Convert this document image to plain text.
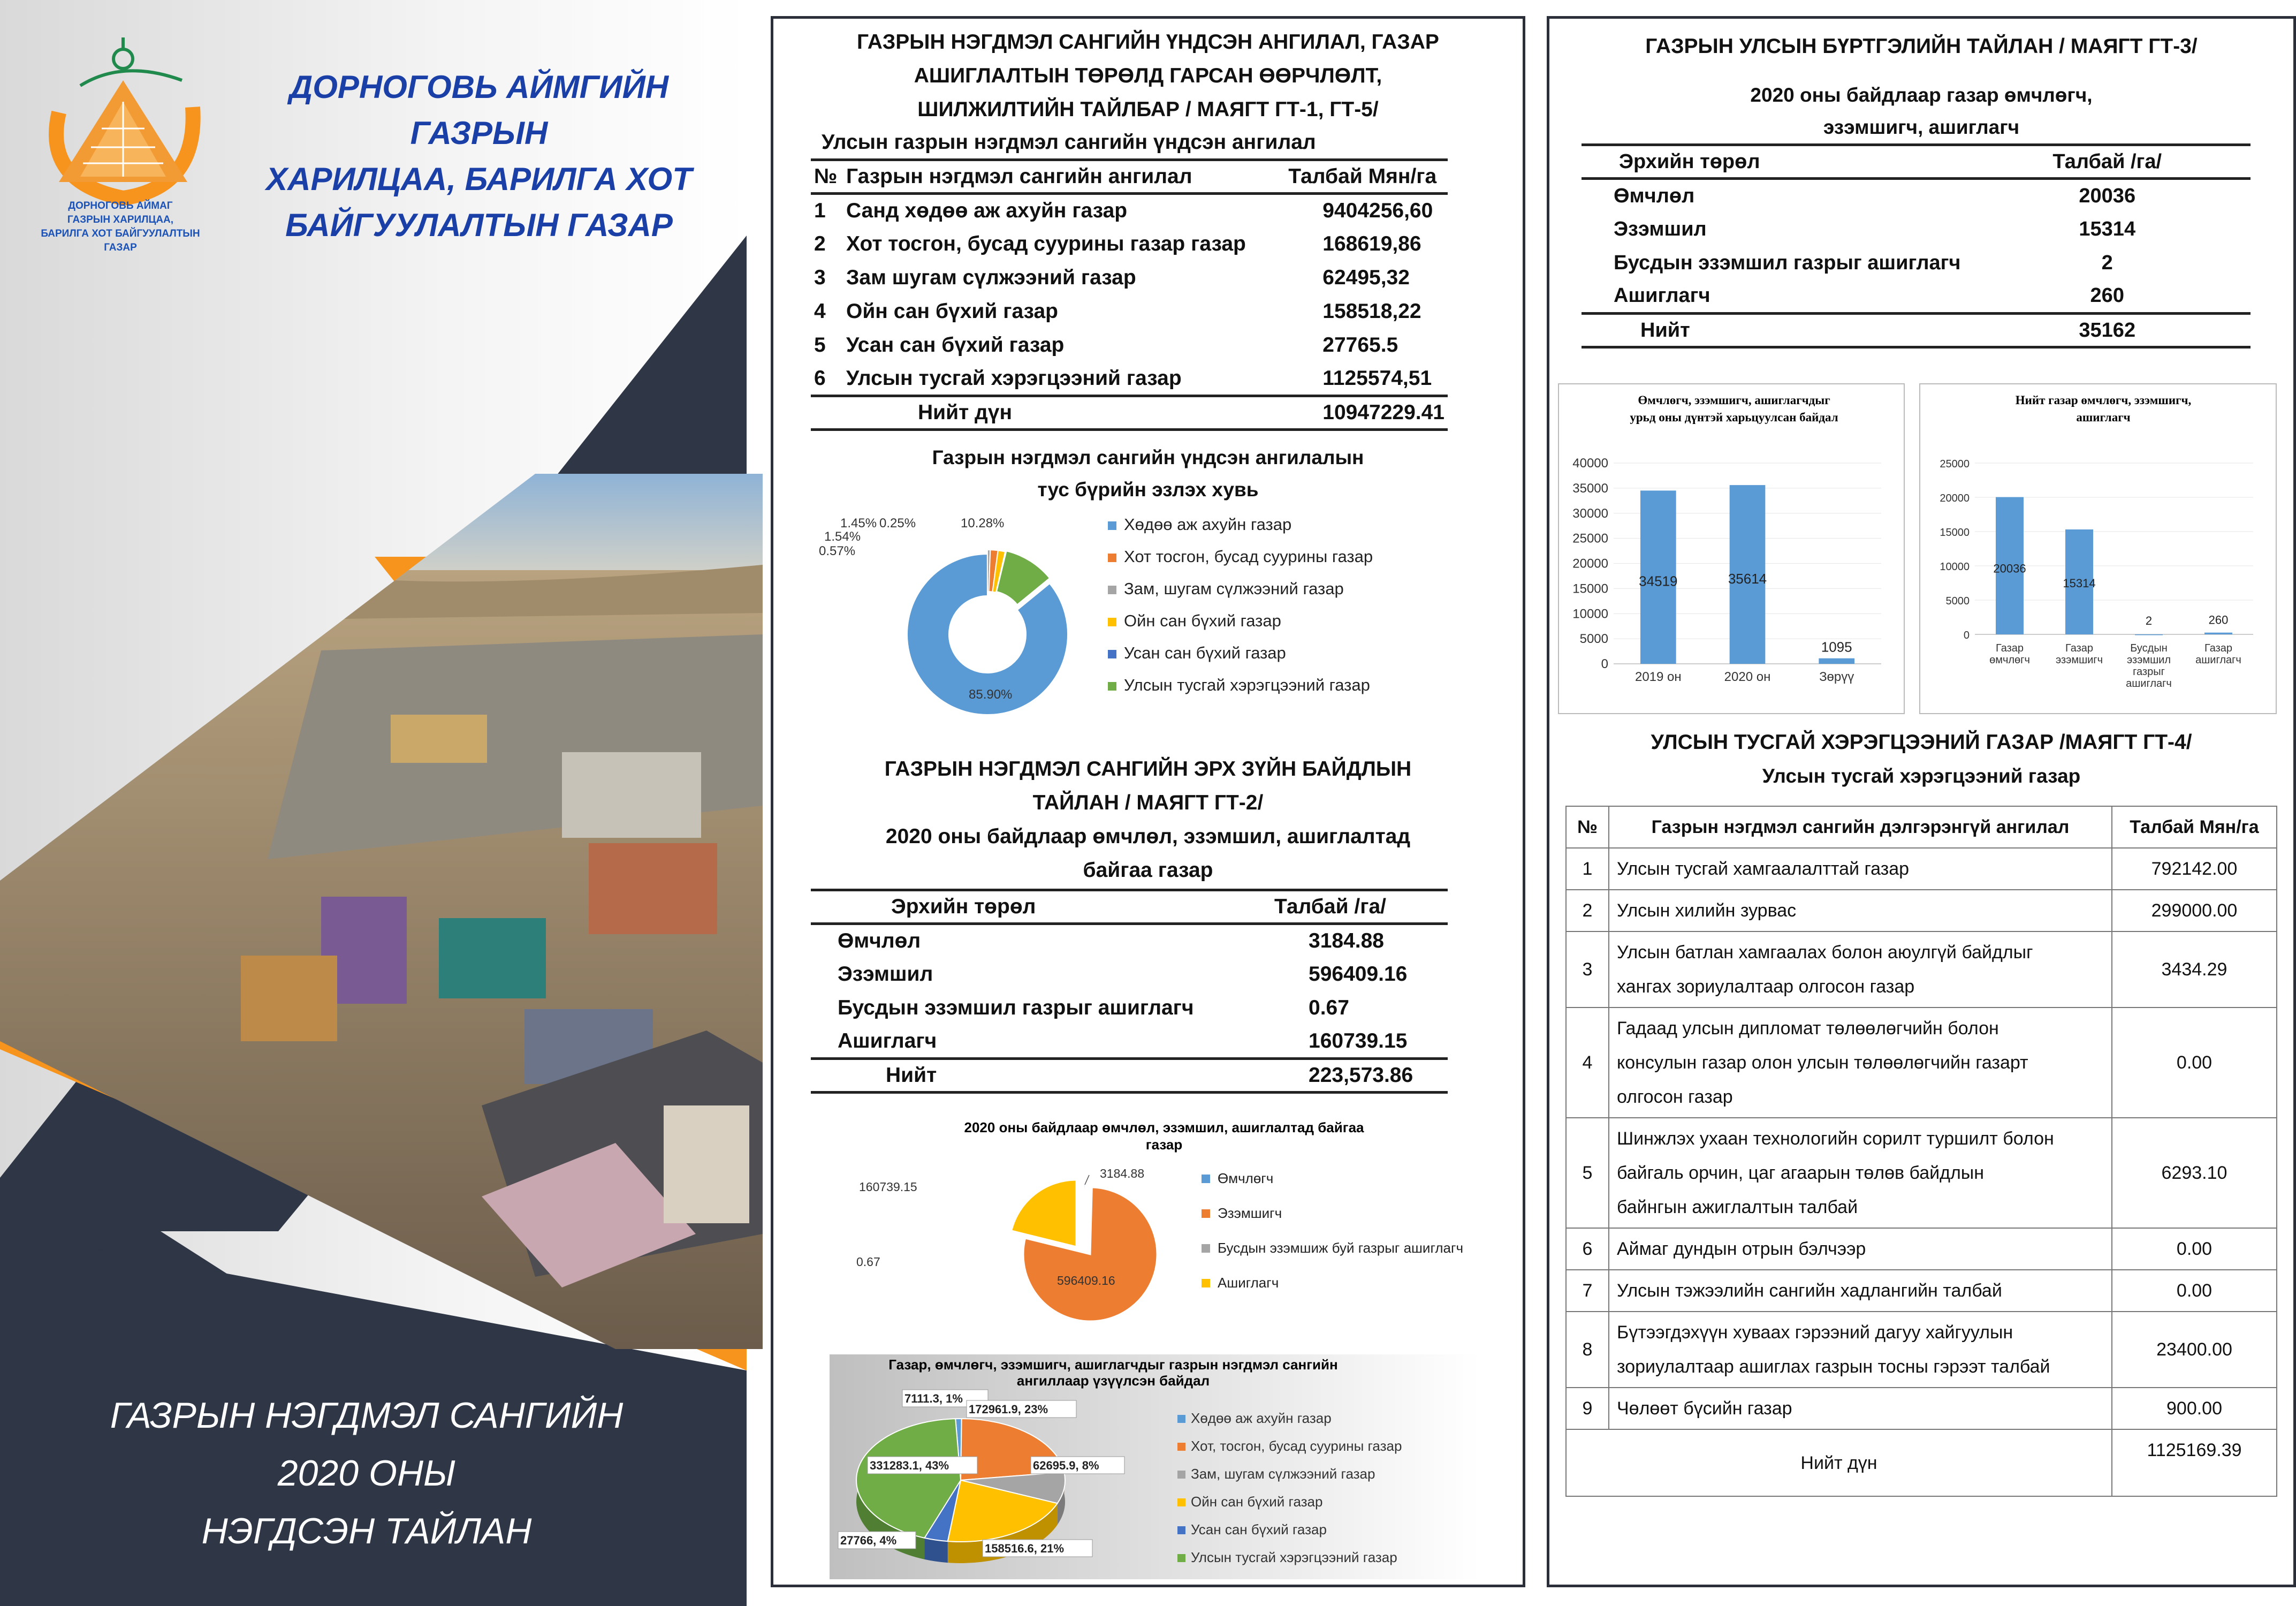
ДОРНОГОВЬ АЙМАГ
ГАЗРЫН ХАРИЛЦАА,
БАРИЛГА ХОТ БАЙГУУЛАЛТЫН
ГАЗАР
ДОРНОГОВЬ АЙМГИЙН ГАЗРЫН
ХАРИЛЦАА, БАРИЛГА ХОТ
БАЙГУУЛАЛТЫН ГАЗАР
ГАЗРЫН НЭГДМЭЛ САНГИЙН
2020 ОНЫ
НЭГДСЭН ТАЙЛАН
ГАЗРЫН НЭГДМЭЛ САНГИЙН ҮНДСЭН АНГИЛАЛ, ГАЗАР
АШИГЛАЛТЫН ТӨРӨЛД ГАРСАН ӨӨРЧЛӨЛТ,
ШИЛЖИЛТИЙН ТАЙЛБАР / МАЯГТ ГТ-1, ГТ-5/
Улсын газрын нэгдмэл сангийн үндсэн ангилал
№	Газрын нэгдмэл сангийн ангилал	Талбай Мян/га
1	Санд хөдөө аж ахуйн газар	9404256,60
2	Хот тосгон, бусад суурины газар газар	168619,86
3	Зам шугам сүлжээний газар	62495,32
4	Ойн сан бүхий газар	158518,22
5	Усан сан бүхий газар	27765.5
6	Улсын тусгай хэрэгцээний газар	1125574,51
	Нийт дүн	10947229.41
Газрын нэгдмэл сангийн үндсэн ангилалын
тус бүрийн эзлэх хувь
85.90%
1.54%
0.57%
1.45% 0.25%	10.28%	Хөдөө аж ахуйн газар
Хот тосгон, бусад суурины газар
Зам, шугам сүлжээний газар
Ойн сан бүхий газар
Усан сан бүхий газар
Улсын тусгай хэрэгцээний газар
ГАЗРЫН НЭГДМЭЛ САНГИЙН ЭРХ ЗҮЙН БАЙДЛЫН
ТАЙЛАН / МАЯГТ ГТ-2/
2020 оны байдлаар өмчлөл, эзэмшил, ашиглалтад
байгаа газар
Эрхийн төрөл	Талбай /га/
Өмчлөл	3184.88
Эзэмшил	596409.16
Бусдын эзэмшил газрыг ашиглагч	0.67
Ашиглагч	160739.15
Нийт	223,573.86
2020 оны байдлаар өмчлөл, эзэмшил, ашиглалтад байгаа
газар
3184.88
596409.16
0.67
160739.15
Өмчлөгч
Эзэмшигч
Бусдын эзэмшиж буй газрыг ашиглагч
Ашиглагч
Газар, өмчлөгч, эзэмшигч, ашиглагчдыг газрын нэгдмэл сангийн
ангиллаар үзүүлсэн байдал
7111.3, 1%
172961.9, 23%
62695.9, 8%
158516.6, 21%
27766, 4%
331283.1, 43%
Хөдөө аж ахуйн газар
Хот, тосгон, бусад суурины газар
Зам, шугам сүлжээний газар
Ойн сан бүхий газар
Усан сан бүхий газар
Улсын тусгай хэрэгцээний газар
ГАЗРЫН УЛСЫН БҮРТГЭЛИЙН ТАЙЛАН / МАЯГТ ГТ-3/
2020 оны байдлаар газар өмчлөгч,
эзэмшигч, ашиглагч
Эрхийн төрөл	Талбай /га/
Өмчлөл	20036
Эзэмшил	15314
Бусдын эзэмшил газрыг ашиглагч	2
Ашиглагч	260
Нийт	35162
Өмчлөгч, эзэмшигч, ашиглагчдыг
урьд оны дүнтэй харьцуулсан байдал
0
5000
10000
15000
20000
25000
30000
35000
40000
34519
2019 он
35614
2020 он
1095
Зөрүү
Нийт газар өмчлөгч, эзэмшигч,
ашиглагч
0
5000
10000
15000
20000
25000
20036
Газар
өмчлөгч
15314
Газар
эзэмшигч
2
Бусдын
эзэмшил
газрыг
ашиглагч
260
Газар
ашиглагч
УЛСЫН ТУСГАЙ ХЭРЭГЦЭЭНИЙ ГАЗАР /МАЯГТ ГТ-4/
Улсын тусгай хэрэгцээний газар
№	Газрын нэгдмэл сангийн дэлгэрэнгүй ангилал	Талбай Мян/га
1	Улсын тусгай хамгаалалттай газар	792142.00
2	Улсын хилийн зурвас	299000.00
3	Улсын батлан хамгаалах болон аюулгүй байдлыг
хангах зориулалтаар олгосон газар	3434.29
4	Гадаад улсын дипломат төлөөлөгчийн болон
консулын газар олон улсын төлөөлөгчийн газарт
олгосон газар	0.00
5	Шинжлэх ухаан технологийн сорилт туршилт болон
байгаль орчин, цаг агаарын төлөв байдлын
байнгын ажиглалтын талбай	6293.10
6	Аймаг дундын отрын бэлчээр	0.00
7	Улсын тэжээлийн сангийн хадлангийн талбай	0.00
8	Бүтээгдэхүүн хуваах гэрээний дагуу хайгуулын
зориулалтаар ашиглах газрын тосны гэрээт талбай	23400.00
9	Чөлөөт бүсийн газар	900.00
Нийт дүн		1125169.39
